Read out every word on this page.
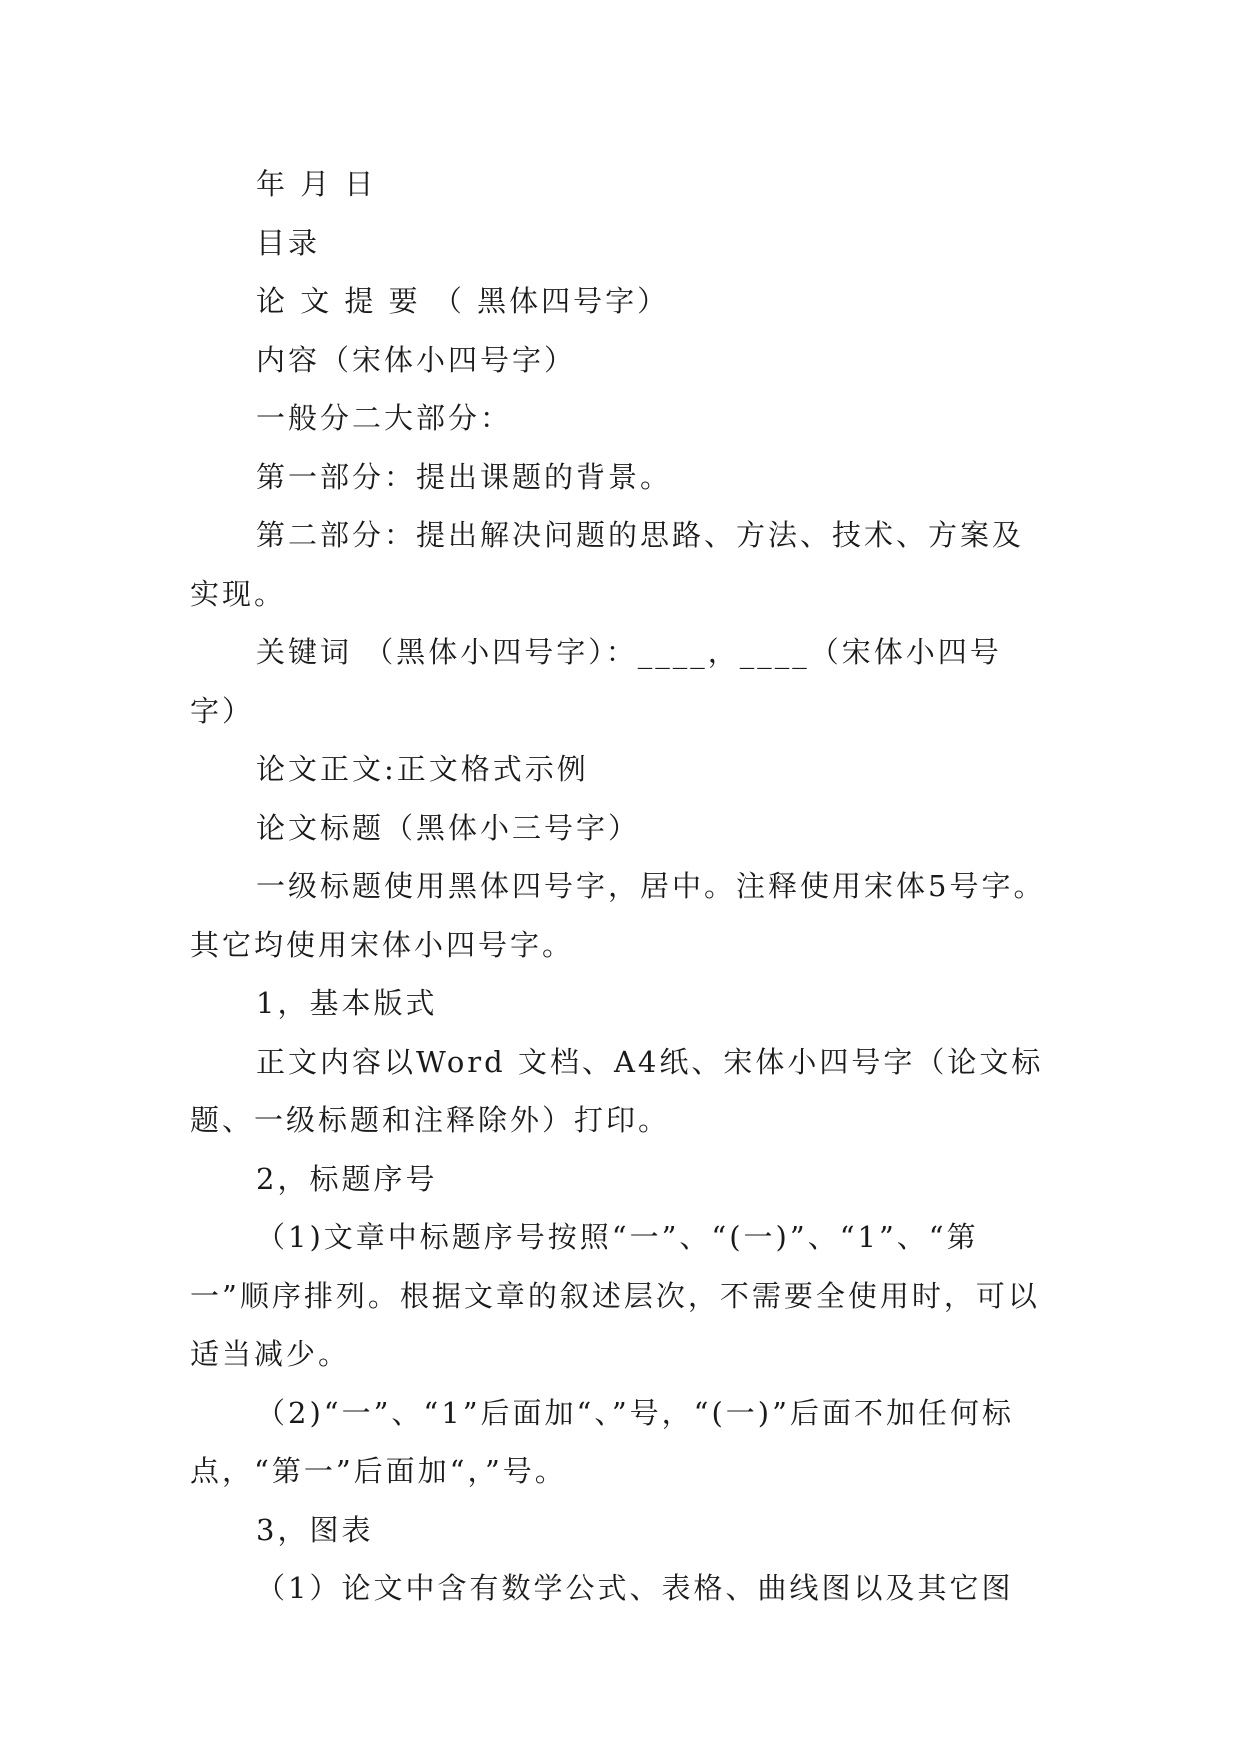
年 月 日

目录

论 文 提 要 （ 黑体四号字）

内容（宋体小四号字）

一般分二大部分：

第一部分：提出课题的背景。

第二部分：提出解决问题的思路、方法、技术、方案及实现。

关键词 （黑体小四号字）：____，____（宋体小四号字）

论文正文:正文格式示例

论文标题（黑体小三号字）

一级标题使用黑体四号字，居中。注释使用宋体5号字。其它均使用宋体小四号字。

1，基本版式

正文内容以Word 文档、A4纸、宋体小四号字（论文标题、一级标题和注释除外）打印。

2，标题序号

（1)文章中标题序号按照“一”、“(一)”、“1”、“第一”顺序排列。根据文章的叙述层次，不需要全使用时，可以适当减少。

（2)“一”、“1”后面加“、”号，“(一)”后面不加任何标点，“第一”后面加“，”号。

3，图表

（1）论文中含有数学公式、表格、曲线图以及其它图
